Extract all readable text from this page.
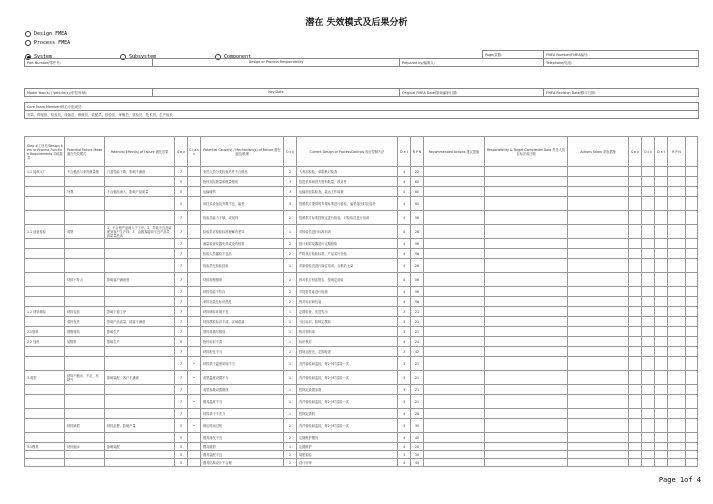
潜在 失效模式及后果分析
Design FMEA
Process FMEA
System	Subsystem	Component
			Page/页数:	FMEA Number/FMEA编号:
Part Number/零件号:	Design or Process Responsibility	Prepared by/编制人:		Telephone/电话:

Model Year(s) / Vehicle(s)/车型/车辆:	Key Date	Original FMEA Date/原始编制日期:		FMEA Revision Date/修订日期:

Core Team Member/核心小组成员:				
安装、焊接组、检验员、设备员、维修员、装配员、检验员、采购员、质检员、技术员、生产组长				
Step #工序号/Design Item or Process Function Requirements 功能要求	Potential Failure Mode 潜在失效模式	Potential Effect(s) of Failure 潜在后果	S e v	C l a s s	Potential Cause(s) / Mechanism(s) of Failure 潜在起因/机理	O c c	Current Design or ProcessControls 现行控制方法	D e t	R P N	Recommended Actions 建议措施	Responsibility & Target Completion Date 责任人及目标完成日期	Actions Taken 采取措施	S e v	O c c	D e t	R P N	
1.1 接收入厂	不合格品与来货数量错	门盖性能下降，影响不满意	7		来货人员分类检查后件不合格品	2	入库前检验，单据核对检查	4	22								
			5		物料实际数量和数量错误	3	按进货单和供方资料数量，核对件	4	60								
	外观	不合格品流入，影响产品质量	5		运输碰伤	3	运输前包装检查，装运工作检查	4	60								
			5		用技术设备及外观不良，偏差	3	按照供方提供的外观标准进行检验，偏差超出时及退货	4	60								
			7		检验员能力不够，或误判	2	按照供方标准按规定进行检验，对检验员进行培训	4	56								
1.1 设备检验	成型	1、不合格产品流入下工序；2、导致不良品装配到客户生产线；3、由顾客接收不良产品导致质量投诉	7		检验员对检验标准理解有差异	1	对检验员进行标准培训	4	28								
			7		测量检查仪器失效或没有校准	2	按计划对仪器进行定期校验	4	56								
			7		检验人员漏检不良品	2	严格执行检验标准，产品实行全检	4	56								
			7		检验员无检验经验	1	对新检验员进行岗位培训，合格后上岗	4	28								
	材料不符合	影响客户满意度	7		材料规格错误	2	核对供方材质报告，按规定检验	4	56								
			7		材料性能不符合	2	对材料性能进行检测	4	56								
			7		来料包装及标识混乱	2	核对标识和包装	4	56								
1.2 材料储存	材料变质	影响下道工序	7		材料储存环境不良	1	定期检查，先进先出	3	21								
	混料发货	影响产品质量，顾客不满意	7		材料摆放标识不清，区域混淆	1	分区标识，按规定摆放	3	21								
2.1领料	领错材料	影响生产	7		领料单填写错误	1	核对领料单	3	21								
2.2 加料	加错料	影响生产	6		物料标识不清	1	标识核对	4	24								
			7		材料配比不当	2	按规定配比，定期检查	3	42								
			7	*	材料烘干温度时间不当	1	首件检验和巡检，每2小时巡检一次	3	21								
3.成型	材料不缩水、不足、有缺气	影响装配，客户不满意	7	*	成型温度设置不当	1	首件检验和巡检，每2小时巡检一次	3	21								
			7		成型参数设置错误	1	按规定设置参数	3	21								
			7	*	模具温度不当	1	首件检验和巡检，每2小时巡检一次	3	21								
			7		材料烘干不充分	1	按规定烘料	4	28								
	材料缺损	材料浪费，影响产量	5	*	保压时间过短	2	首件检验和巡检，每2小时巡检一次	3	30								
			5		模具排气不良	2	定期维护模具	4	40								
3.1模具	材料缩水	影响装配	5		模具磨损	1	定期维护	4	20								
			5		模具装配不良	2	装配检验	3	30								
			5		模具结构设计不合理	2	设计评审	4	40								
Page 1of 4
